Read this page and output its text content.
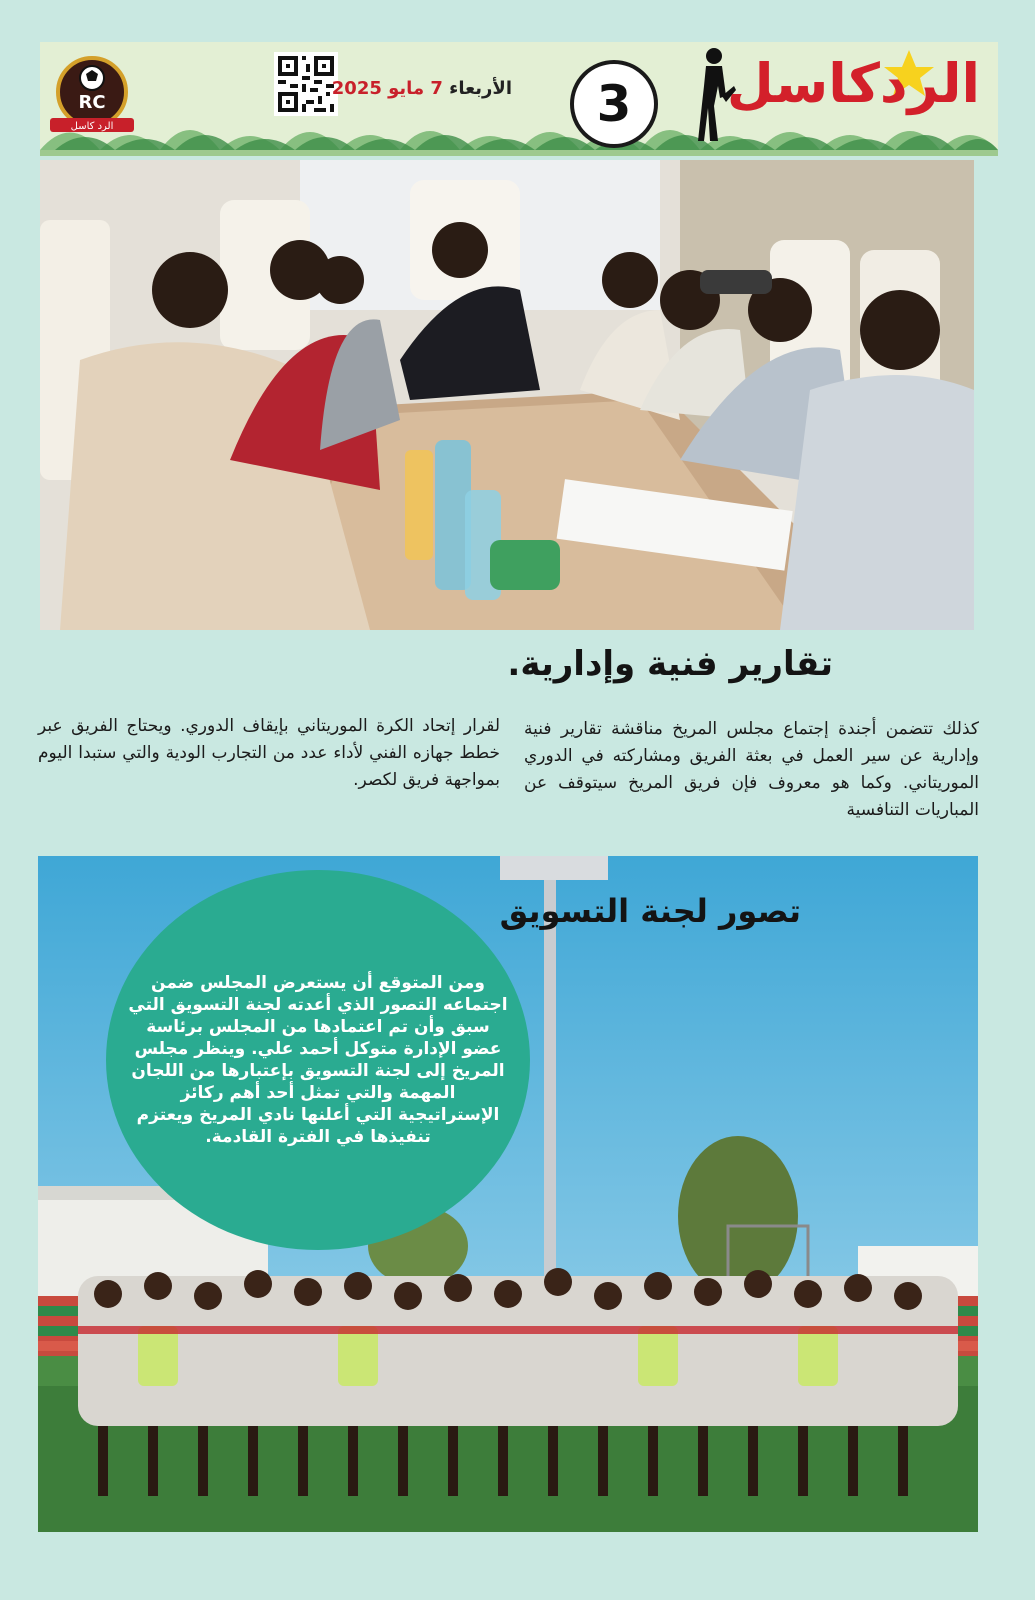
RC
الرد كاسل
الأربعاء 7 مايو 2025	3	الردكاسل
تقارير فنية وإدارية.
كذلك تتضمن أجندة إجتماع مجلس المريخ مناقشة تقارير فنية وإدارية عن سير العمل في بعثة الفريق ومشاركته في الدوري الموريتاني. وكما هو معروف فإن فريق المريخ سيتوقف عن المباريات التنافسية
لقرار إتحاد الكرة الموريتاني بإيقاف الدوري. ويحتاج الفريق عبر خطط جهازه الفني لأداء عدد من التجارب الودية والتي ستبدا اليوم بمواجهة فريق لكصر.
تصور لجنة التسويق
ومن المتوقع أن يستعرض المجلس ضمن اجتماعه التصور الذي أعدته لجنة التسويق التي سبق وأن تم اعتمادها من المجلس برئاسة عضو الإدارة متوكل أحمد علي. وينظر مجلس المريخ إلى لجنة التسويق بإعتبارها من اللجان المهمة والتي تمثل أحد أهم ركائز الإستراتيجية التي أعلنها نادي المريخ ويعتزم تنفيذها في الفترة القادمة.
